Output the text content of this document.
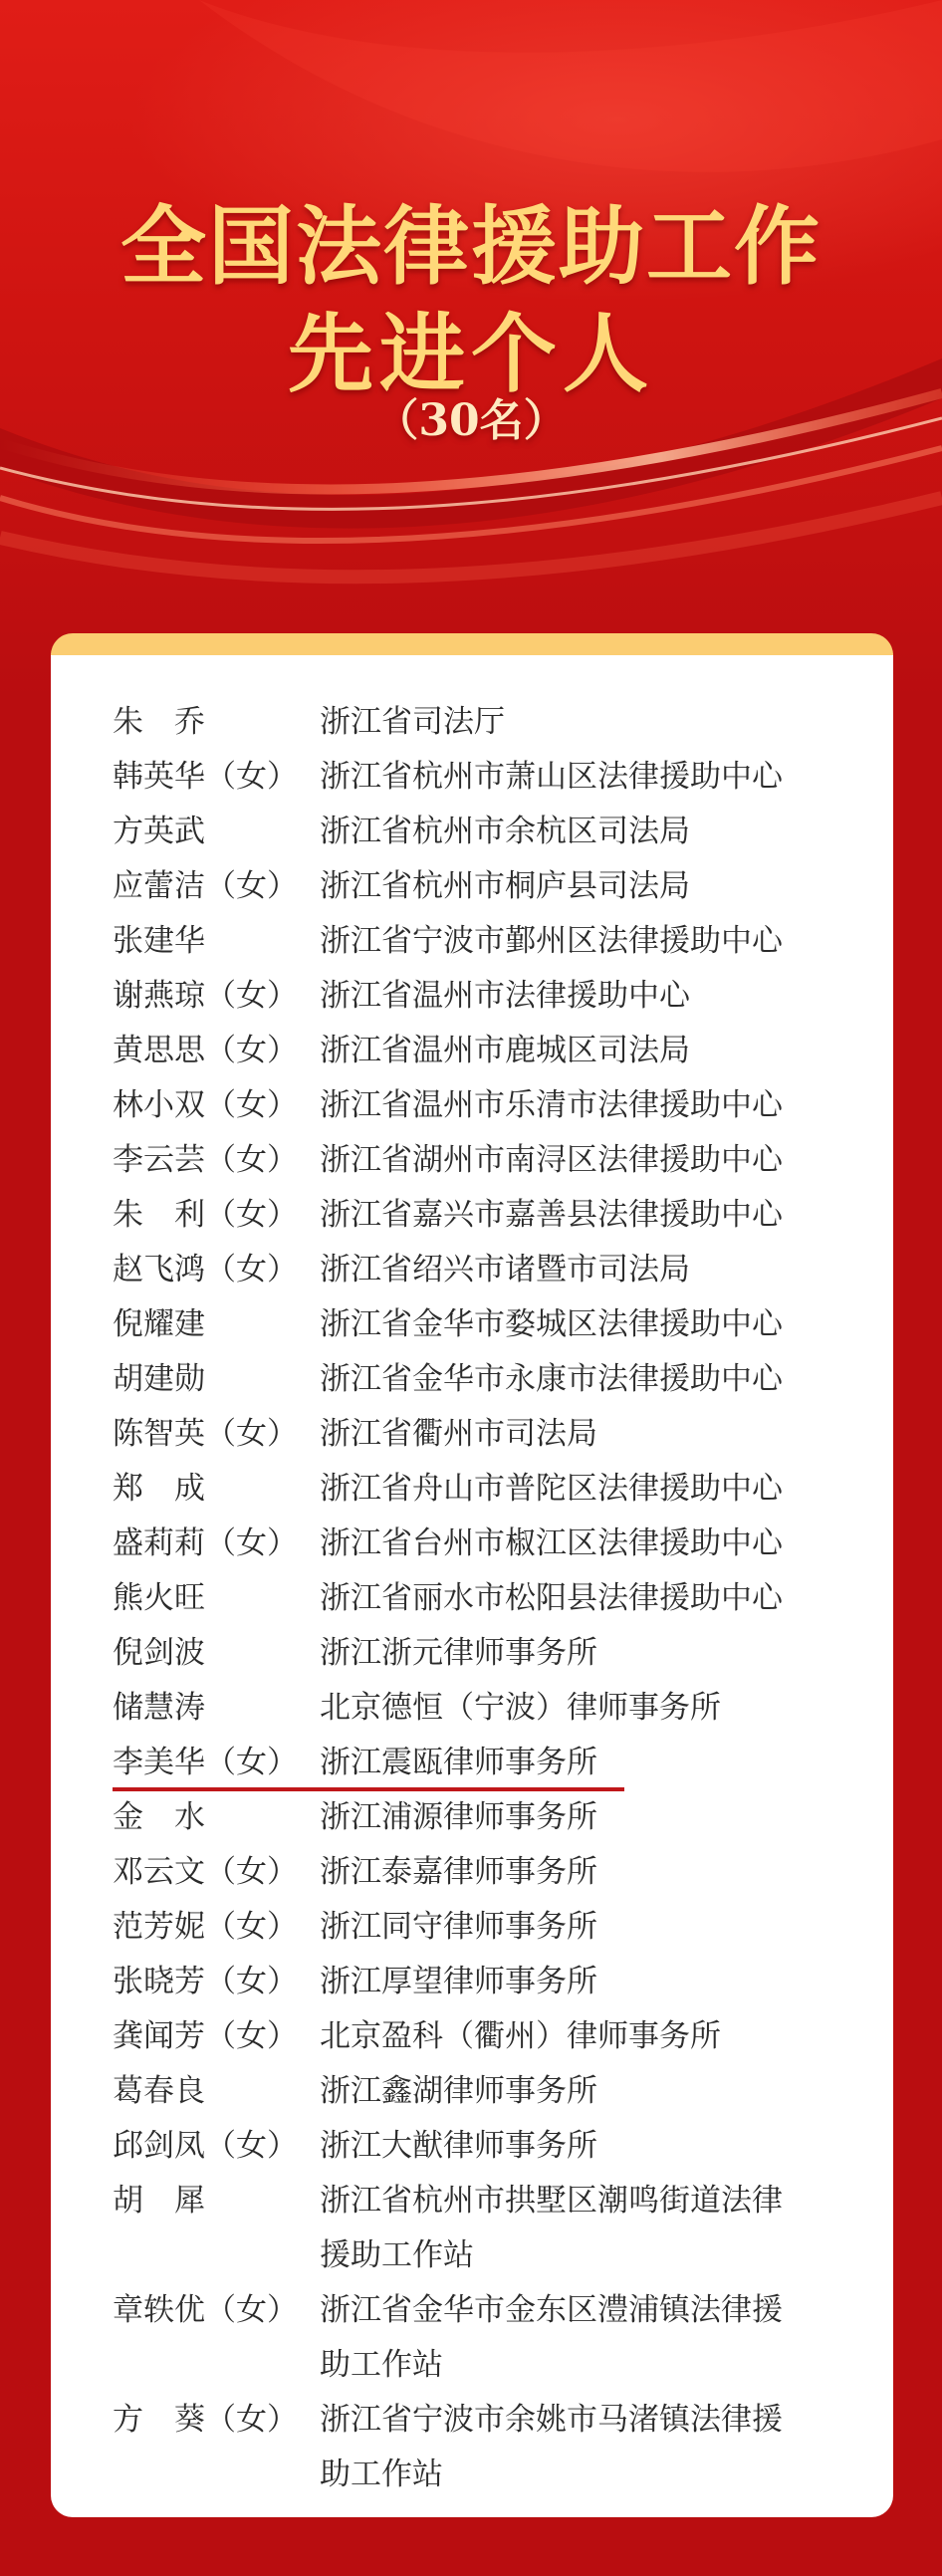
全国法律援助工作
先进个人
（30名）
朱　乔	浙江省司法厅
韩英华（女） 浙江省杭州市萧山区法律援助中心
方英武	浙江省杭州市余杭区司法局
应蕾洁（女） 浙江省杭州市桐庐县司法局
张建华	浙江省宁波市鄞州区法律援助中心
谢燕琼（女） 浙江省温州市法律援助中心
黄思思（女） 浙江省温州市鹿城区司法局
林小双（女） 浙江省温州市乐清市法律援助中心
李云芸（女） 浙江省湖州市南浔区法律援助中心
朱　利（女） 浙江省嘉兴市嘉善县法律援助中心
赵飞鸿（女） 浙江省绍兴市诸暨市司法局
倪耀建	浙江省金华市婺城区法律援助中心
胡建勋	浙江省金华市永康市法律援助中心
陈智英（女） 浙江省衢州市司法局
郑　成	浙江省舟山市普陀区法律援助中心
盛莉莉（女） 浙江省台州市椒江区法律援助中心
熊火旺	浙江省丽水市松阳县法律援助中心
倪剑波	浙江浙元律师事务所
储慧涛	北京德恒（宁波）律师事务所
李美华（女） 浙江震瓯律师事务所
金　水	浙江浦源律师事务所
邓云文（女） 浙江泰嘉律师事务所
范芳妮（女） 浙江同守律师事务所
张晓芳（女） 浙江厚望律师事务所
龚闻芳（女） 北京盈科（衢州）律师事务所
葛春良	浙江鑫湖律师事务所
邱剑凤（女） 浙江大猷律师事务所
胡　犀	浙江省杭州市拱墅区潮鸣街道法律
援助工作站
章轶优（女） 浙江省金华市金东区澧浦镇法律援
助工作站
方　葵（女） 浙江省宁波市余姚市马渚镇法律援
助工作站
